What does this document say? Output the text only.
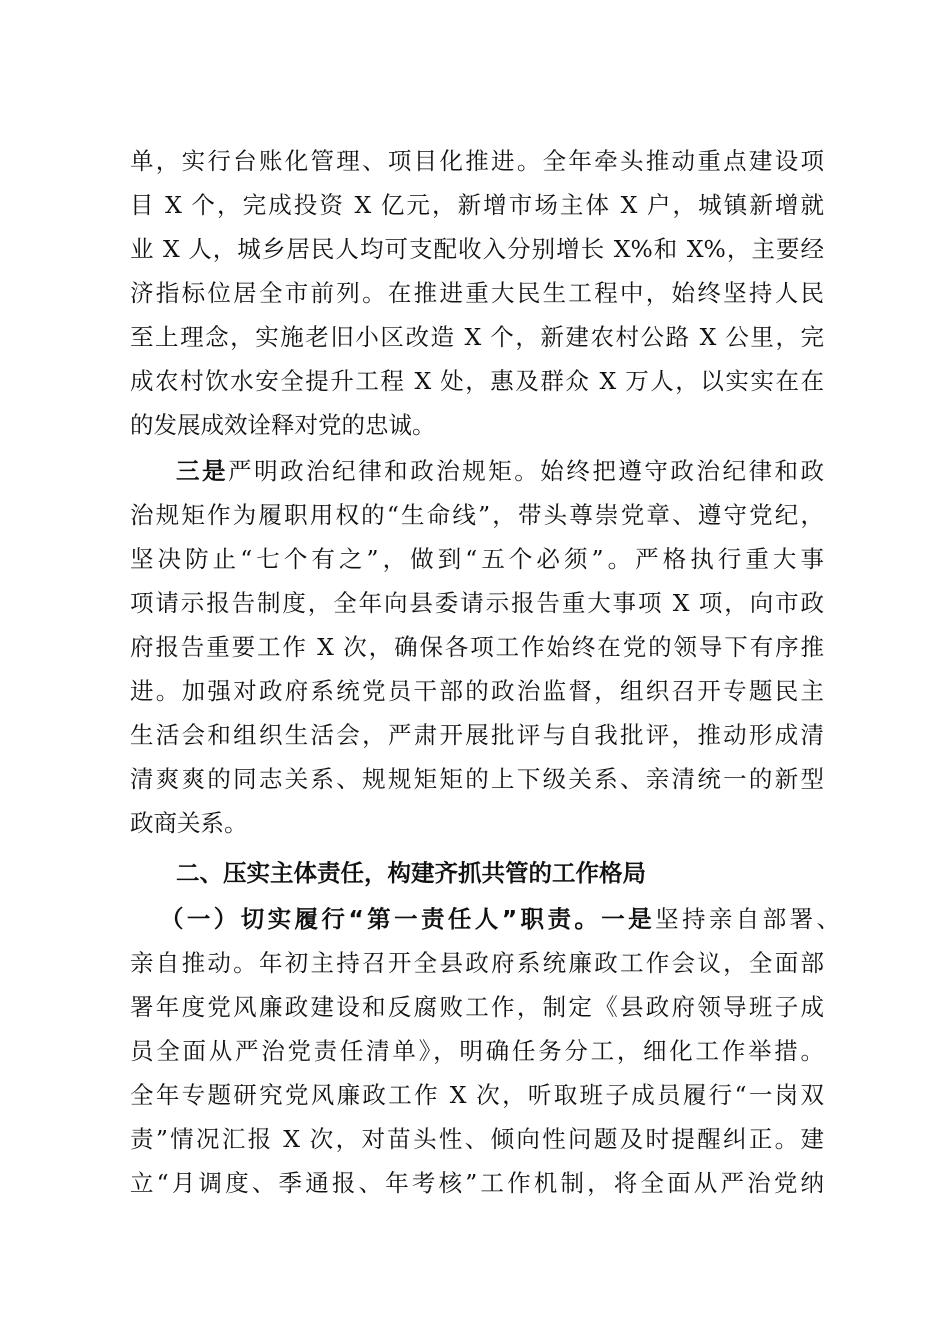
单，实行台账化管理、项目化推进。全年牵头推动重点建设项
目 X 个，完成投资 X 亿元，新增市场主体 X 户，城镇新增就
业 X 人，城乡居民人均可支配收入分别增长 X%和 X%，主要经
济指标位居全市前列。在推进重大民生工程中，始终坚持人民
至上理念，实施老旧小区改造 X 个，新建农村公路 X 公里，完
成农村饮水安全提升工程 X 处，惠及群众 X 万人，以实实在在
的发展成效诠释对党的忠诚。
三是严明政治纪律和政治规矩。始终把遵守政治纪律和政
治规矩作为履职用权的“生命线”，带头尊崇党章、遵守党纪，
坚决防止“七个有之”，做到“五个必须”。严格执行重大事
项请示报告制度，全年向县委请示报告重大事项 X 项，向市政
府报告重要工作 X 次，确保各项工作始终在党的领导下有序推
进。加强对政府系统党员干部的政治监督，组织召开专题民主
生活会和组织生活会，严肃开展批评与自我批评，推动形成清
清爽爽的同志关系、规规矩矩的上下级关系、亲清统一的新型
政商关系。
二、压实主体责任，构建齐抓共管的工作格局
（一）切实履行“第一责任人”职责。一是坚持亲自部署、
亲自推动。年初主持召开全县政府系统廉政工作会议，全面部
署年度党风廉政建设和反腐败工作，制定《县政府领导班子成
员全面从严治党责任清单》，明确任务分工，细化工作举措。
全年专题研究党风廉政工作 X 次，听取班子成员履行“一岗双
责”情况汇报 X 次，对苗头性、倾向性问题及时提醒纠正。建
立“月调度、季通报、年考核”工作机制，将全面从严治党纳
